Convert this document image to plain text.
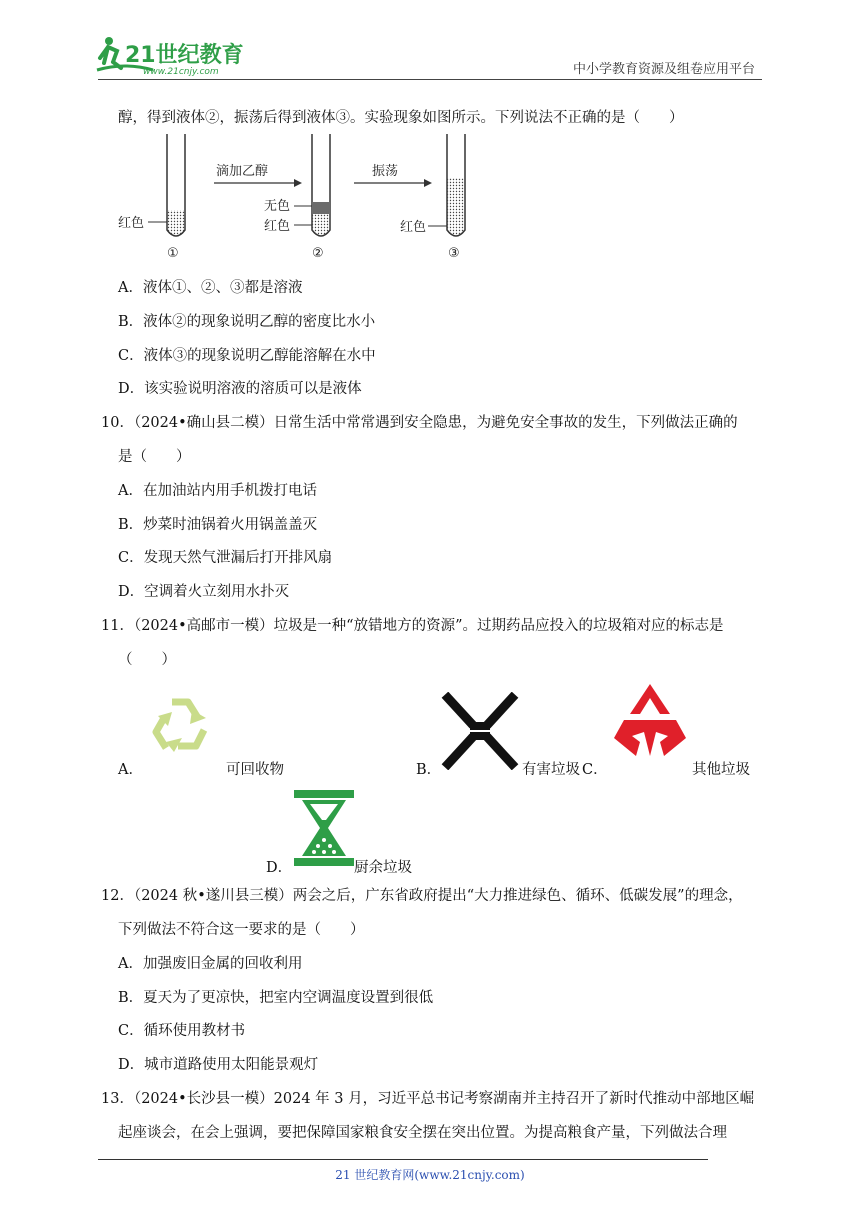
21世纪教育
www.21cnjy.com	中小学教育资源及组卷应用平台
醇，得到液体②，振荡后得到液体③。实验现象如图所示。下列说法不正确的是（　　）
红色
①
滴加乙醇
无色
红色
②
振荡
红色
③
A．液体①、②、③都是溶液
B．液体②的现象说明乙醇的密度比水小
C．液体③的现象说明乙醇能溶解在水中
D．该实验说明溶液的溶质可以是液体
10．（2024•确山县二模）日常生活中常常遇到安全隐患，为避免安全事故的发生，下列做法正确的
是（　　）
A．在加油站内用手机拨打电话
B．炒菜时油锅着火用锅盖盖灭
C．发现天然气泄漏后打开排风扇
D．空调着火立刻用水扑灭
11．（2024•高邮市一模）垃圾是一种“放错地方的资源”。过期药品应投入的垃圾箱对应的标志是
（　　）
A．	可回收物	B．	有害垃圾 C．	其他垃圾
D．	厨余垃圾
12．（2024 秋•遂川县三模）两会之后，广东省政府提出“大力推进绿色、循环、低碳发展”的理念，
下列做法不符合这一要求的是（　　）
A．加强废旧金属的回收利用
B．夏天为了更凉快，把室内空调温度设置到很低
C．循环使用教材书
D．城市道路使用太阳能景观灯
13．（2024•长沙县一模）2024 年 3 月，习近平总书记考察湖南并主持召开了新时代推动中部地区崛
起座谈会，在会上强调，要把保障国家粮食安全摆在突出位置。为提高粮食产量，下列做法合理
21 世纪教育网(www.21cnjy.com)
